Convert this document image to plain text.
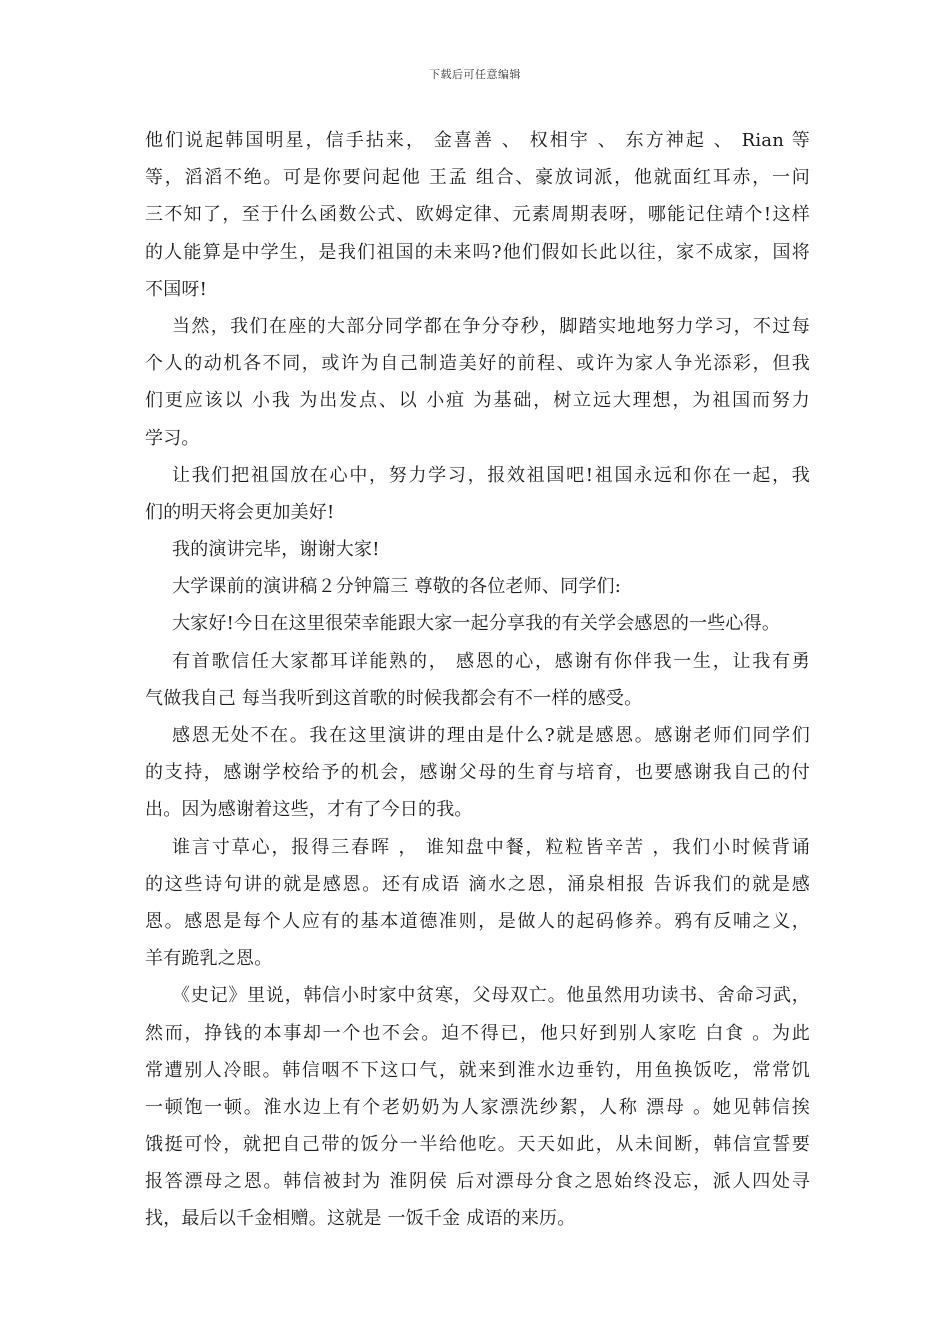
下载后可任意编辑
他们说起韩国明星，信手拈来， 金喜善 、 权相宇 、 东方神起 、 Rian 等
等，滔滔不绝。可是你要问起他 王孟 组合、豪放词派，他就面红耳赤，一问
三不知了，至于什么函数公式、欧姆定律、元素周期表呀，哪能记住靖个!这样
的人能算是中学生，是我们祖国的未来吗?他们假如长此以往，家不成家，国将
不国呀!
当然，我们在座的大部分同学都在争分夺秒，脚踏实地地努力学习，不过每
个人的动机各不同，或许为自己制造美好的前程、或许为家人争光添彩，但我
们更应该以 小我 为出发点、以 小疽 为基础，树立远大理想，为祖国而努力
学习。
让我们把祖国放在心中，努力学习，报效祖国吧!祖国永远和你在一起，我
们的明天将会更加美好!
我的演讲完毕，谢谢大家!
大学课前的演讲稿２分钟篇三 尊敬的各位老师、同学们:
大家好!今日在这里很荣幸能跟大家一起分享我的有关学会感恩的一些心得。
有首歌信任大家都耳详能熟的， 感恩的心，感谢有你伴我一生，让我有勇
气做我自己 每当我听到这首歌的时候我都会有不一样的感受。
感恩无处不在。我在这里演讲的理由是什么?就是感恩。感谢老师们同学们
的支持，感谢学校给予的机会，感谢父母的生育与培育，也要感谢我自己的付
出。因为感谢着这些，才有了今日的我。
谁言寸草心，报得三春晖 ， 谁知盘中餐，粒粒皆辛苦 ，我们小时候背诵
的这些诗句讲的就是感恩。还有成语 滴水之恩，涌泉相报 告诉我们的就是感
恩。感恩是每个人应有的基本道德准则，是做人的起码修养。鸦有反哺之义，
羊有跪乳之恩。
《史记》里说，韩信小时家中贫寒，父母双亡。他虽然用功读书、舍命习武，
然而，挣钱的本事却一个也不会。迫不得已，他只好到别人家吃 白食 。为此
常遭别人冷眼。韩信咽不下这口气，就来到淮水边垂钓，用鱼换饭吃，常常饥
一顿饱一顿。淮水边上有个老奶奶为人家漂洗纱絮，人称 漂母 。她见韩信挨
饿挺可怜，就把自己带的饭分一半给他吃。天天如此，从未间断，韩信宣誓要
报答漂母之恩。韩信被封为 淮阴侯 后对漂母分食之恩始终没忘，派人四处寻
找，最后以千金相赠。这就是 一饭千金 成语的来历。
